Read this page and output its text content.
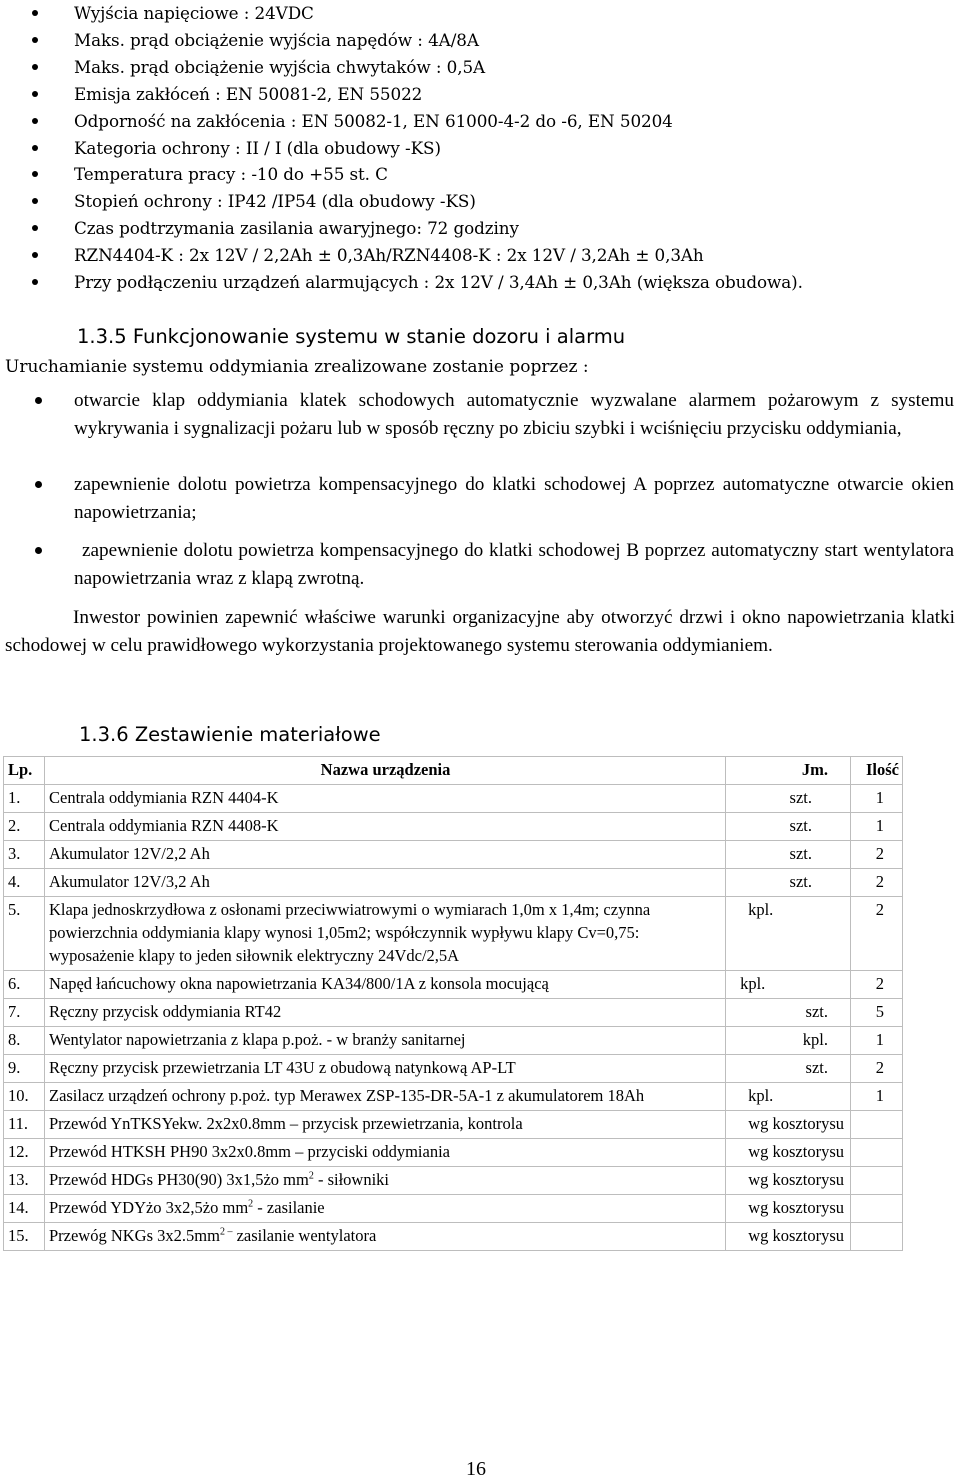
Wyjścia napięciowe : 24VDC
Maks. prąd obciążenie wyjścia napędów : 4A/8A
Maks. prąd obciążenie wyjścia chwytaków : 0,5A
Emisja zakłóceń : EN 50081-2, EN 55022
Odporność na zakłócenia : EN 50082-1, EN 61000-4-2 do -6, EN 50204
Kategoria ochrony : II / I (dla obudowy -KS)
Temperatura pracy : -10 do +55 st. C
Stopień ochrony : IP42 /IP54 (dla obudowy -KS)
Czas podtrzymania zasilania awaryjnego: 72 godziny
RZN4404-K : 2x 12V / 2,2Ah ± 0,3Ah/RZN4408-K : 2x 12V / 3,2Ah ± 0,3Ah
Przy podłączeniu urządzeń alarmujących : 2x 12V / 3,4Ah ± 0,3Ah (większa obudowa).
1.3.5 Funkcjonowanie systemu w stanie dozoru i alarmu
Uruchamianie systemu oddymiania zrealizowane zostanie poprzez :
otwarcie klap oddymiania klatek schodowych automatycznie wyzwalane alarmem pożarowym z systemu wykrywania i sygnalizacji pożaru lub w sposób ręczny po zbiciu szybki i wciśnięciu przycisku oddymiania,
zapewnienie dolotu powietrza kompensacyjnego do klatki schodowej A poprzez automatyczne otwarcie okien napowietrzania;
zapewnienie dolotu powietrza kompensacyjnego do klatki schodowej B poprzez automatyczny start wentylatora napowietrzania wraz z klapą zwrotną.
Inwestor powinien zapewnić właściwe warunki organizacyjne aby otworzyć drzwi i okno napowietrzania klatki schodowej w celu prawidłowego wykorzystania projektowanego systemu sterowania oddymianiem.
1.3.6 Zestawienie materiałowe
Lp.	Nazwa urządzenia	Jm.	Ilość
1.	Centrala oddymiania RZN 4404-K	szt.	1
2.	Centrala oddymiania RZN 4408-K	szt.	1
3.	Akumulator 12V/2,2 Ah	szt.	2
4.	Akumulator 12V/3,2 Ah	szt.	2
5.	Klapa jednoskrzydłowa z osłonami przeciwwiatrowymi o wymiarach 1,0m x 1,4m; czynna powierzchnia oddymiania klapy wynosi 1,05m2; współczynnik wypływu klapy Cv=0,75: wyposażenie klapy to jeden siłownik elektryczny 24Vdc/2,5A	kpl.	2
6.	Napęd łańcuchowy okna napowietrzania KA34/800/1A z konsola mocującą	kpl.	2
7.	Ręczny przycisk oddymiania RT42	szt.	5
8.	Wentylator napowietrzania z klapa p.poż. - w branży sanitarnej	kpl.	1
9.	Ręczny przycisk przewietrzania LT 43U z obudową natynkową AP-LT	szt.	2
10.	Zasilacz urządzeń ochrony p.poż. typ Merawex ZSP-135-DR-5A-1 z akumulatorem 18Ah	kpl.	1
11.	Przewód YnTKSYekw. 2x2x0.8mm – przycisk przewietrzania, kontrola	wg kosztorysu	
12.	Przewód HTKSH PH90 3x2x0.8mm – przyciski oddymiania	wg kosztorysu	
13.	Przewód HDGs PH30(90) 3x1,5żo $mm^2$ - siłowniki	wg kosztorysu	
14.	Przewód YDYżo 3x2,5żo $mm^2$ - zasilanie	wg kosztorysu	
15.	Przewóg NKGs $3x2.5mm^{2 -}$ zasilanie wentylatora	wg kosztorysu	
16
